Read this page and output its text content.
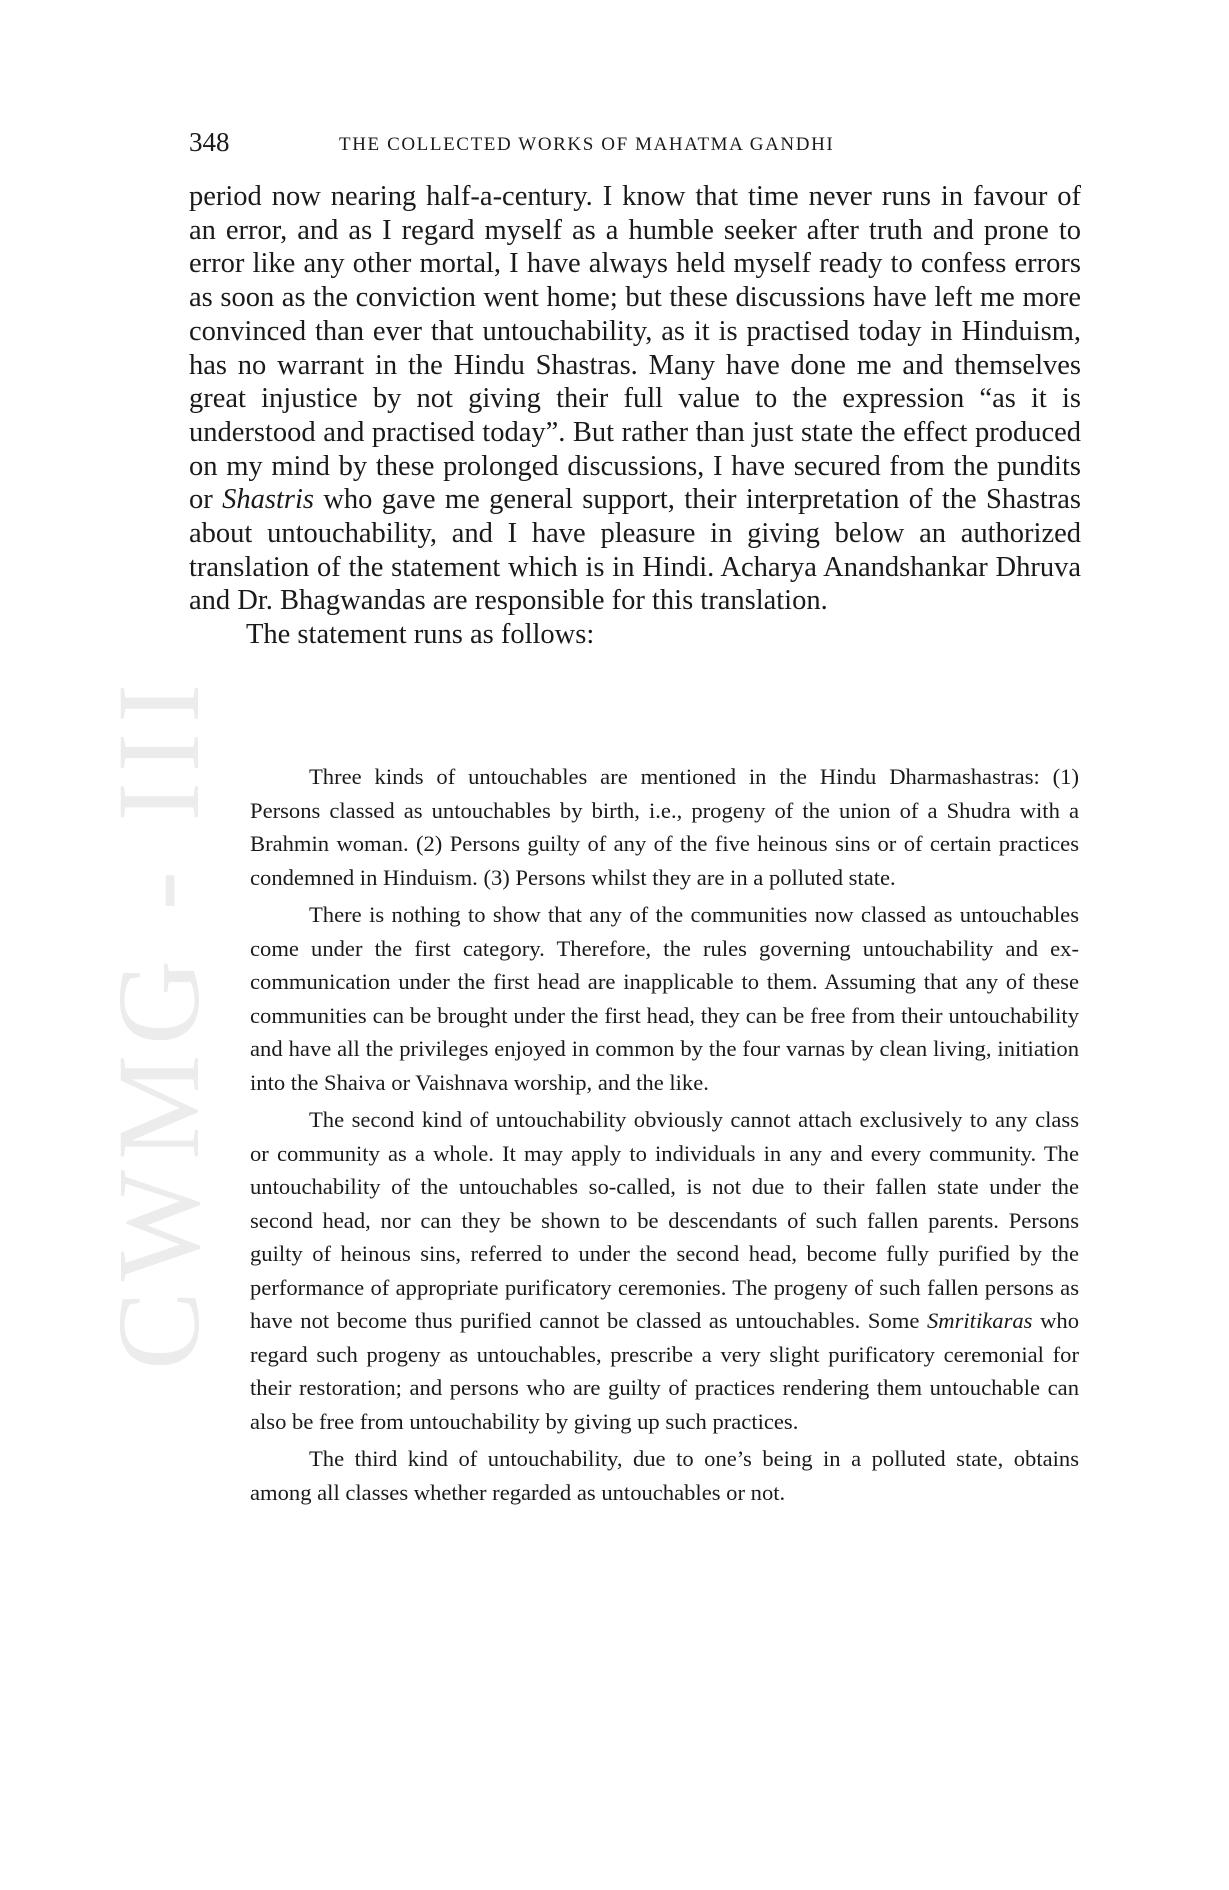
CWMG - III
348	THE COLLECTED WORKS OF MAHATMA GANDHI

period now nearing half-a-century. I know that time never runs in favour of an error, and as I regard myself as a humble seeker after truth and prone to error like any other mortal, I have always held myself ready to confess errors as soon as the conviction went home; but these discussions have left me more convinced than ever that untouchability, as it is practised today in Hinduism, has no warrant in the Hindu Shastras. Many have done me and themselves great injustice by not giving their full value to the expression “as it is understood and practised today”. But rather than just state the effect produced on my mind by these prolonged discussions, I have secured from the pundits or Shastris who gave me general support, their interpretation of the Shastras about untouchability, and I have pleasure in giving below an authorized translation of the statement which is in Hindi. Acharya Anandshankar Dhruva and Dr. Bhagwandas are responsible for this translation.

The statement runs as follows:

Three kinds of untouchables are mentioned in the Hindu Dharmashastras: (1) Persons classed as untouchables by birth, i.e., progeny of the union of a Shudra with a Brahmin woman. (2) Persons guilty of any of the five heinous sins or of certain practices condemned in Hinduism. (3) Persons whilst they are in a polluted state.

There is nothing to show that any of the communities now classed as untouchables come under the first category. Therefore, the rules governing untouchability and ex-communication under the first head are inapplicable to them. Assuming that any of these communities can be brought under the first head, they can be free from their untouchability and have all the privileges enjoyed in common by the four varnas by clean living, initiation into the Shaiva or Vaishnava worship, and the like.

The second kind of untouchability obviously cannot attach exclusively to any class or community as a whole. It may apply to individuals in any and every community. The untouchability of the untouchables so-called, is not due to their fallen state under the second head, nor can they be shown to be descendants of such fallen parents. Persons guilty of heinous sins, referred to under the second head, become fully purified by the performance of appropriate purificatory ceremonies. The progeny of such fallen persons as have not become thus purified cannot be classed as untouchables. Some Smritikaras who regard such progeny as untouchables, prescribe a very slight purificatory ceremonial for their restoration; and persons who are guilty of practices rendering them untouchable can also be free from untouchability by giving up such practices.

The third kind of untouchability, due to one’s being in a polluted state, obtains among all classes whether regarded as untouchables or not.
